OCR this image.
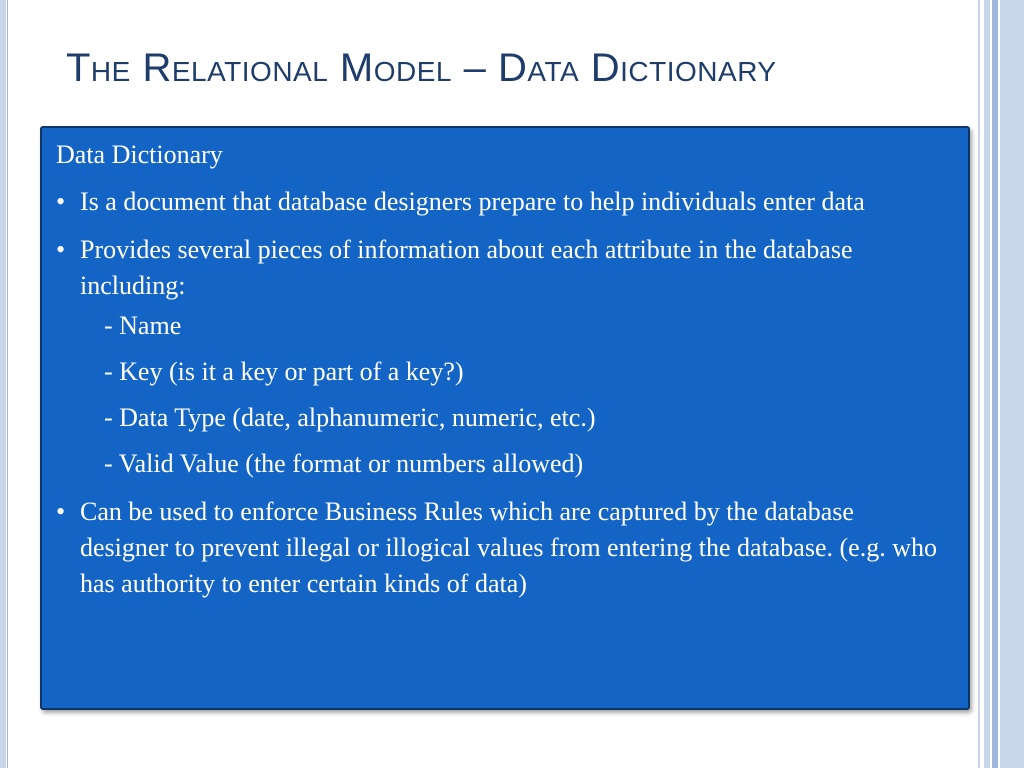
The Relational Model – Data Dictionary
Data Dictionary
• Is a document that database designers prepare to help individuals enter data
• Provides several pieces of information about each attribute in the database including:
- Name
- Key (is it a key or part of a key?)
- Data Type (date, alphanumeric, numeric, etc.)
- Valid Value (the format or numbers allowed)
• Can be used to enforce Business Rules which are captured by the database designer to prevent illegal or illogical values from entering the database. (e.g. who has authority to enter certain kinds of data)
